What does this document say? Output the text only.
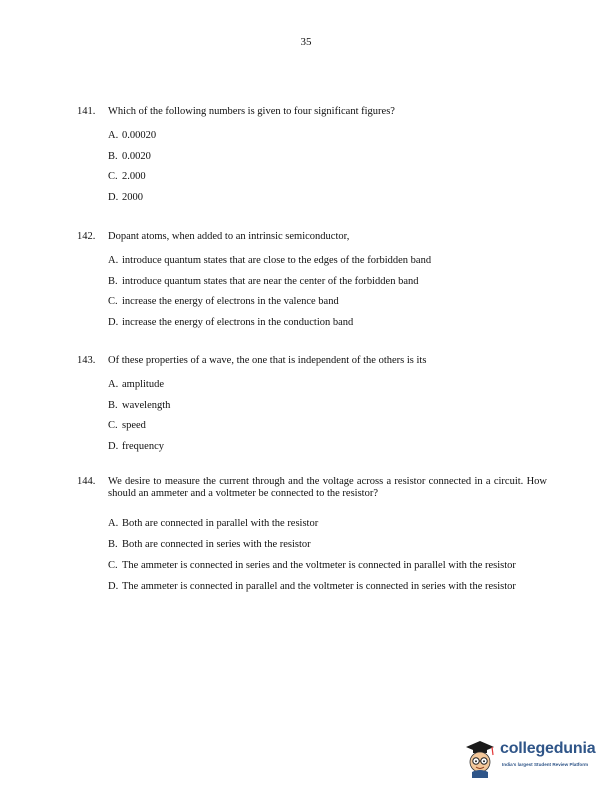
35
141.	Which of the following numbers is given to four significant figures?
A. 0.00020
B. 0.0020
C. 2.000
D. 2000
142.	Dopant atoms, when added to an intrinsic semiconductor,
A. introduce quantum states that are close to the edges of the forbidden band
B. introduce quantum states that are near the center of the forbidden band
C. increase the energy of electrons in the valence band
D. increase the energy of electrons in the conduction band
143.	Of these properties of a wave, the one that is independent of the others is its
A. amplitude
B. wavelength
C. speed
D. frequency
144.	We desire to measure the current through and the voltage across a resistor connected in a circuit. How should an ammeter and a voltmeter be connected to the resistor?
A. Both are connected in parallel with the resistor
B. Both are connected in series with the resistor
C. The ammeter is connected in series and the voltmeter is connected in parallel with the resistor
D. The ammeter is connected in parallel and the voltmeter is connected in series with the resistor
collegedunia
India's largest Student Review Platform
